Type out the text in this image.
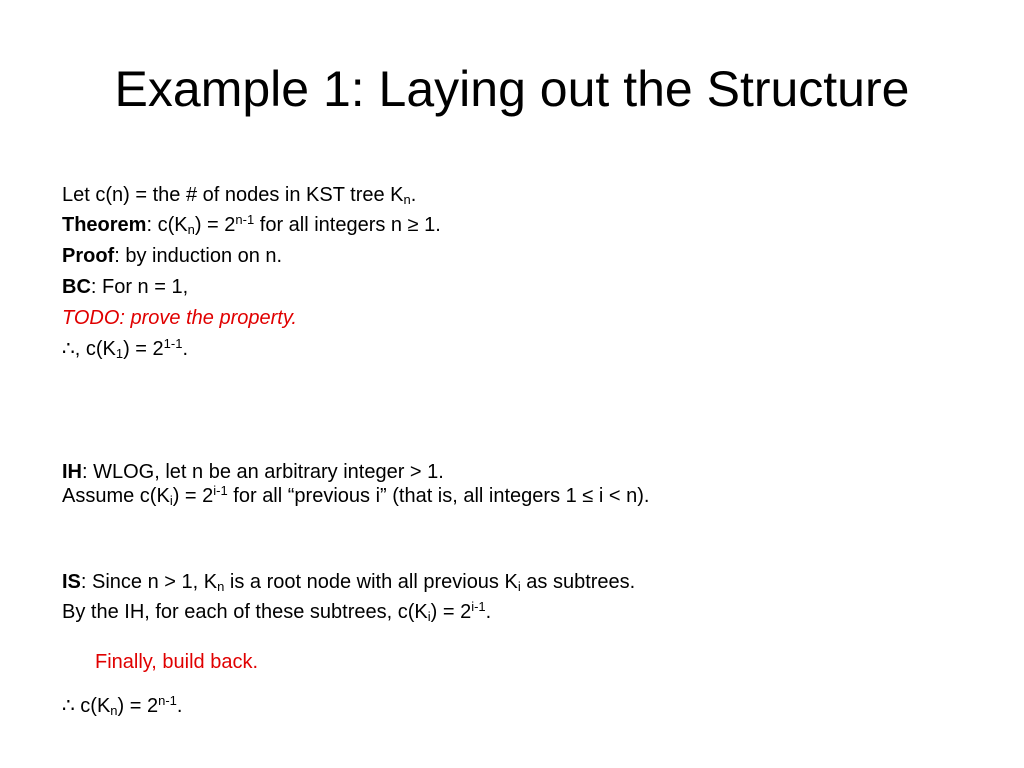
Example 1: Laying out the Structure
Let c(n) = the # of nodes in KST tree $K_n$.
Theorem: $c(K_n) = 2^{n-1}$ for all integers n ≥ 1.
Proof: by induction on n.
BC: For n = 1,
TODO: prove the property.
∴, $c(K_1) = 2^{1-1}$.
IH: WLOG, let n be an arbitrary integer > 1.
Assume $c(K_i) = 2^{i-1}$ for all “previous i” (that is, all integers 1 ≤ i < n).
IS: Since n > 1, $K_n$ is a root node with all previous $K_i$ as subtrees.
By the IH, for each of these subtrees, $c(K_i) = 2^{i-1}$.
Finally, build back.
∴ $c(K_n) = 2^{n-1}$.
